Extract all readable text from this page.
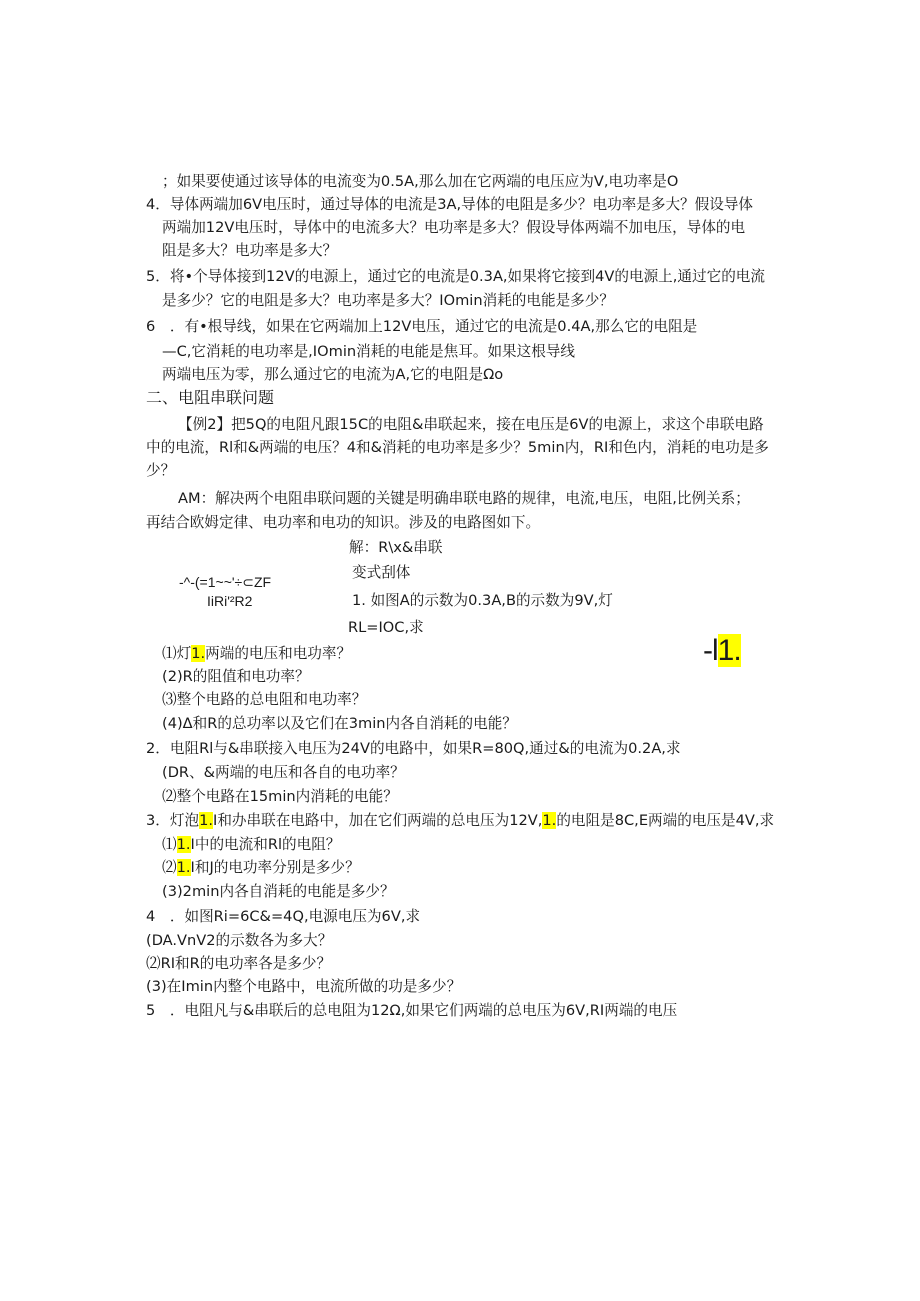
；如果要使通过该导体的电流变为0.5A,那么加在它两端的电压应为V,电功率是O
4．导体两端加6V电压时，通过导体的电流是3A,导体的电阻是多少？电功率是多大？假设导体
两端加12V电压时，导体中的电流多大？电功率是多大？假设导体两端不加电压，导体的电
阻是多大？电功率是多大？
5．将•个导体接到12V的电源上，通过它的电流是0.3A,如果将它接到4V的电源上,通过它的电流
是多少？它的电阻是多大？电功率是多大？IOmin消耗的电能是多少？
6　．有•根导线，如果在它两端加上12V电压，通过它的电流是0.4A,那么它的电阻是
—C,它消耗的电功率是,IOmin消耗的电能是焦耳。如果这根导线
两端电压为零，那么通过它的电流为A,它的电阻是Ωo
二、电阻串联问题
【例2】把5Q的电阻凡跟15C的电阻&串联起来，接在电压是6V的电源上，求这个串联电路
中的电流，Rl和&两端的电压？4和&消耗的电功率是多少？5min内，RI和色内，消耗的电功是多
少？
AM：解决两个电阻串联问题的关键是明确串联电路的规律，电流,电压，电阻,比例关系；
再结合欧姆定律、电功率和电功的知识。涉及的电路图如下。
解：R\x&串联
-^-(=1~~'÷⊂ZF
IiRi'²R2
变式刮体
1. 如图A的示数为0.3A,B的示数为9V,灯
RL=IOC,求
⑴灯1.两端的电压和电功率？	-l1.
(2)R的阻值和电功率？
⑶整个电路的总电阻和电功率？
(4)Δ和R的总功率以及它们在3min内各自消耗的电能？
2．电阻Rl与&串联接入电压为24V的电路中，如果R=80Q,通过&的电流为0.2A,求
(DR、&两端的电压和各自的电功率？
⑵整个电路在15min内消耗的电能？
3．灯泡1.I和办串联在电路中，加在它们两端的总电压为12V,1.的电阻是8C,E两端的电压是4V,求
⑴1.I中的电流和Rl的电阻？
⑵1.I和J的电功率分别是多少？
(3)2min内各自消耗的电能是多少？
4　．如图Ri=6C&=4Q,电源电压为6V,求
(DA.VnV2的示数各为多大？
⑵RI和R的电功率各是多少？
(3)在Imin内整个电路中，电流所做的功是多少？
5　．电阻凡与&串联后的总电阻为12Ω,如果它们两端的总电压为6V,RI两端的电压
